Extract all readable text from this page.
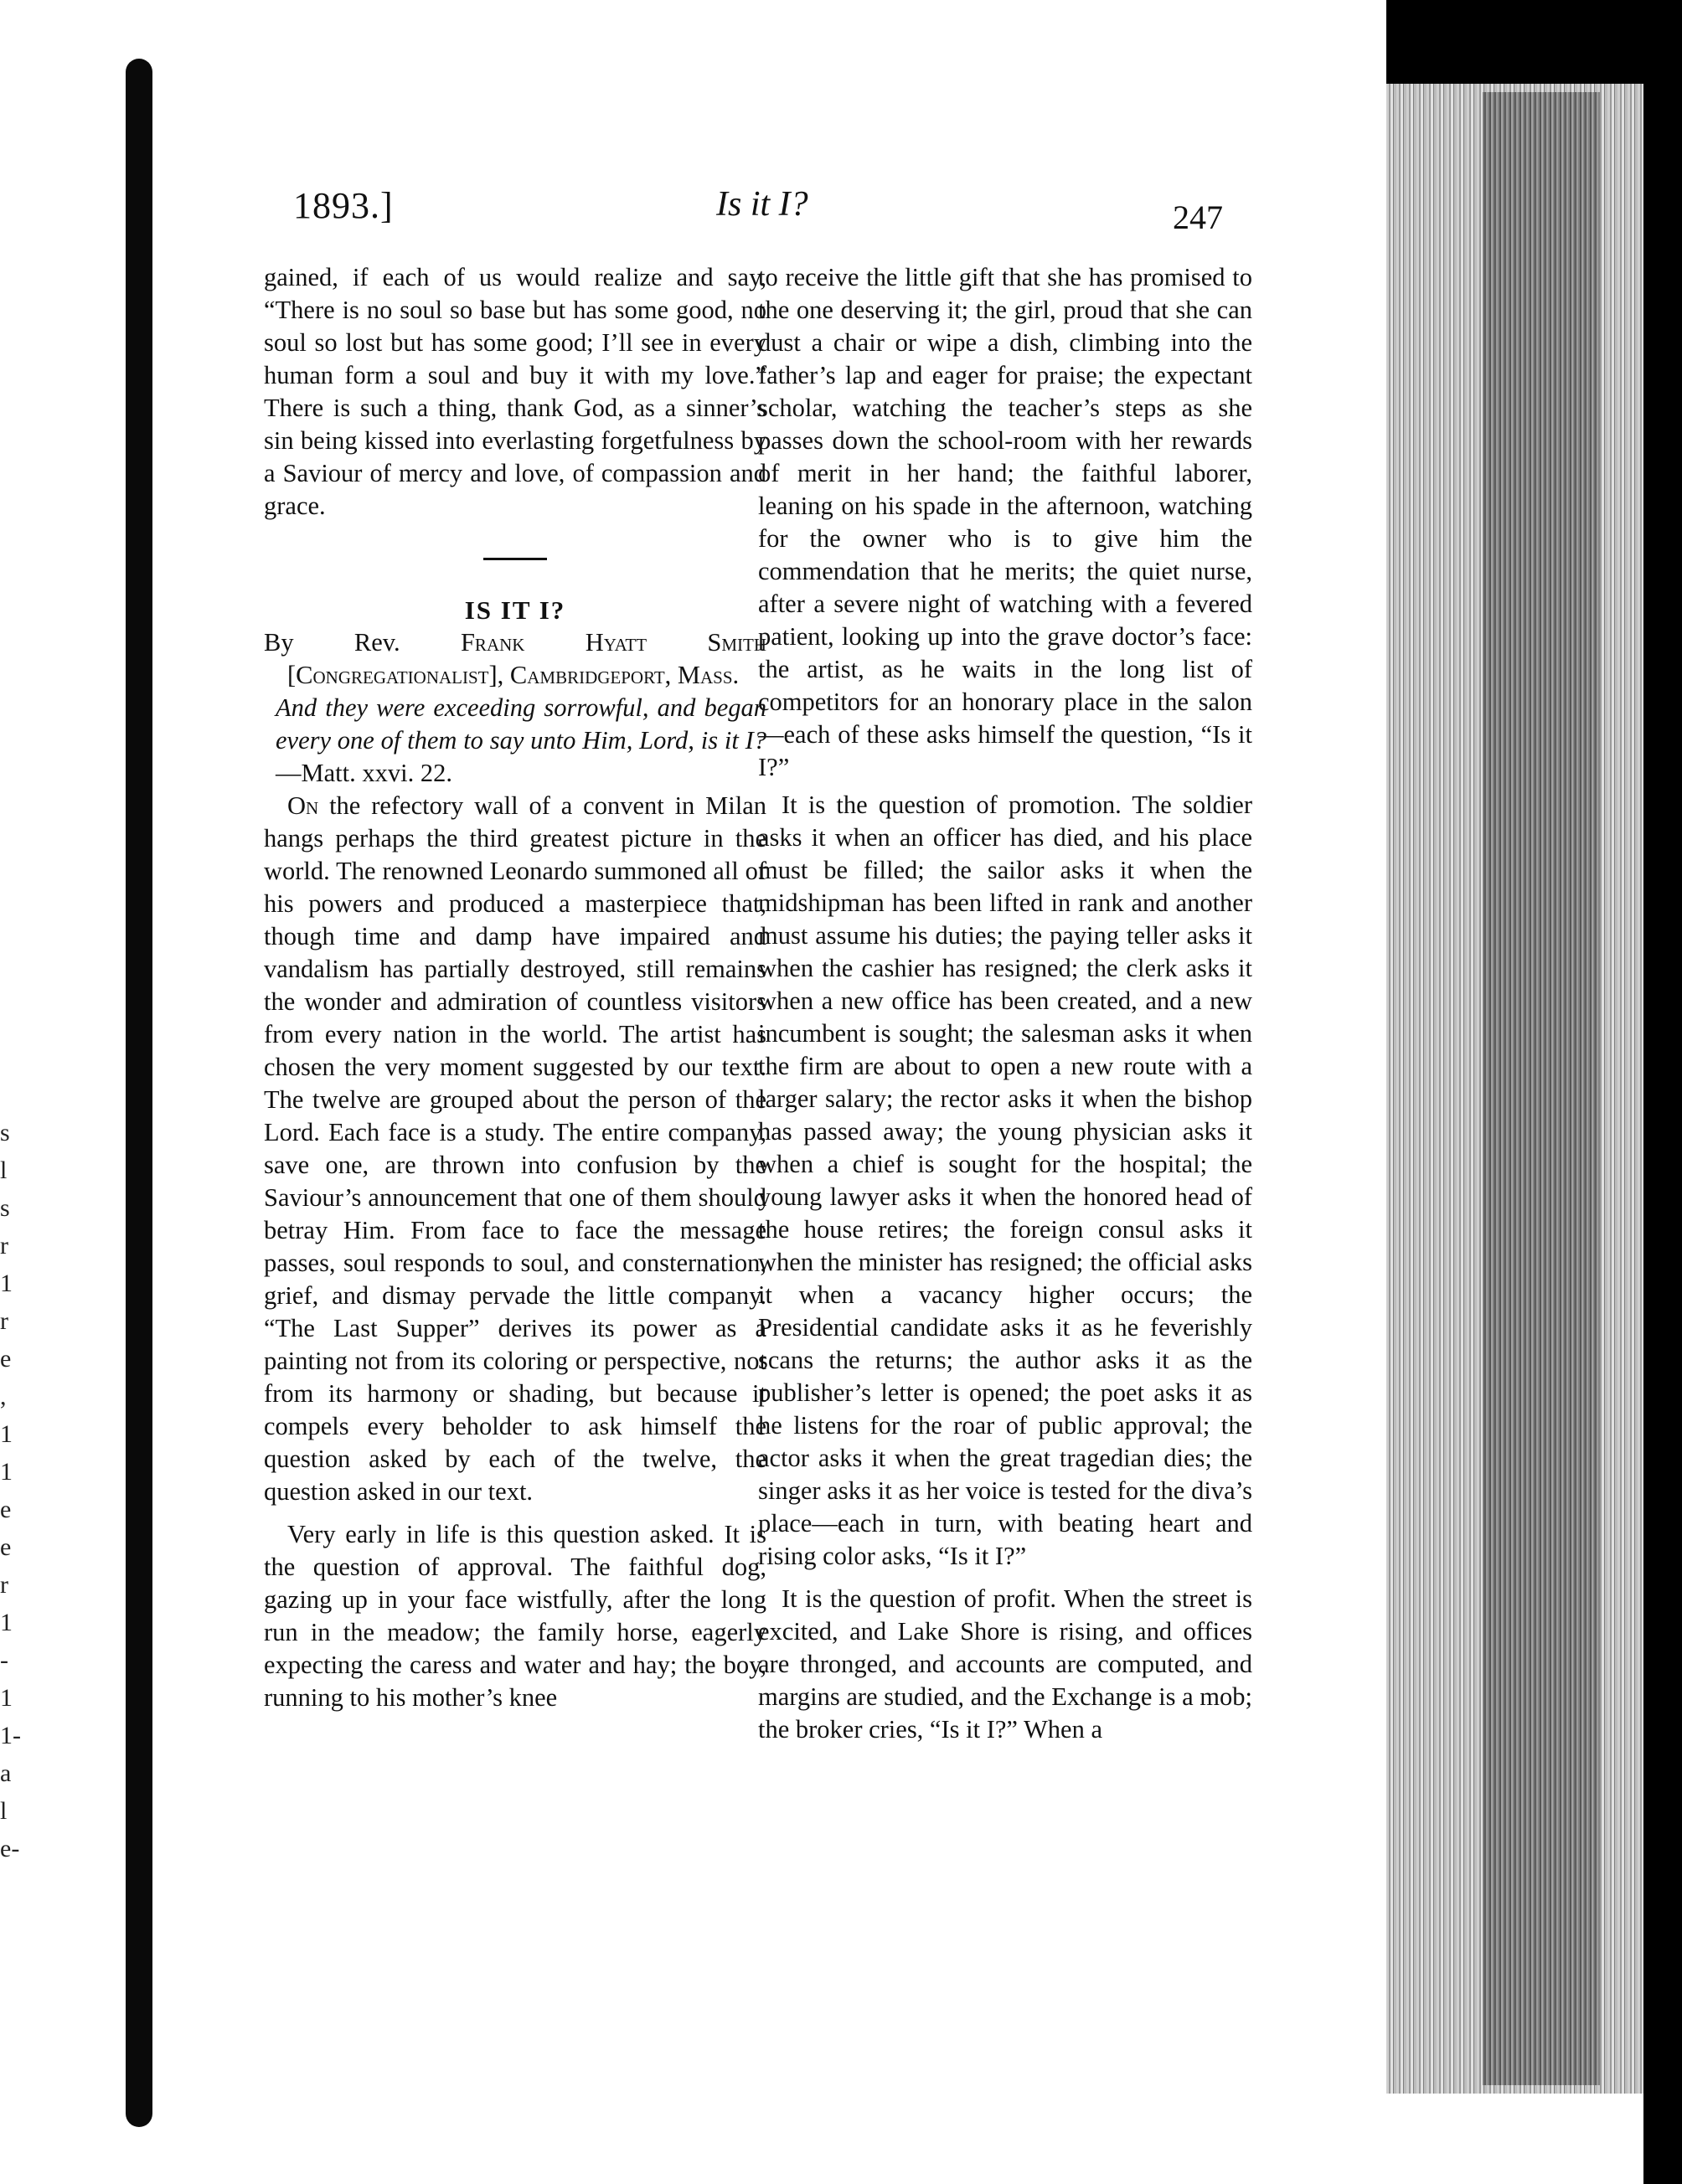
s
l
s
r
1
r
e
,
1
1
e
e
r
1
-
1
1-
a
l
e-
1893.]	Is it I?	247

gained, if each of us would realize and say, “There is no soul so base but has some good, no soul so lost but has some good; I’ll see in every human form a soul and buy it with my love.” There is such a thing, thank God, as a sinner’s sin being kissed into everlasting forgetfulness by a Saviour of mercy and love, of compassion and grace.

IS IT I?

By Rev. Frank Hyatt Smith [Congregationalist], Cambridgeport, Mass.

And they were exceeding sorrowful, and began every one of them to say unto Him, Lord, is it I?—Matt. xxvi. 22.

On the refectory wall of a convent in Milan hangs perhaps the third greatest picture in the world. The renowned Leonardo summoned all of his powers and produced a masterpiece that, though time and damp have impaired and vandalism has partially destroyed, still remains the wonder and admiration of countless visitors from every nation in the world. The artist has chosen the very moment suggested by our text. The twelve are grouped about the person of the Lord. Each face is a study. The entire company, save one, are thrown into confusion by the Saviour’s announcement that one of them should betray Him. From face to face the message passes, soul responds to soul, and consternation, grief, and dismay pervade the little company. “The Last Supper” derives its power as a painting not from its coloring or perspective, not from its harmony or shading, but because it compels every beholder to ask himself the question asked by each of the twelve, the question asked in our text.

Very early in life is this question asked. It is the question of approval. The faithful dog, gazing up in your face wistfully, after the long run in the meadow; the family horse, eagerly expecting the caress and water and hay; the boy, running to his mother’s knee

to receive the little gift that she has promised to the one deserving it; the girl, proud that she can dust a chair or wipe a dish, climbing into the father’s lap and eager for praise; the expectant scholar, watching the teacher’s steps as she passes down the school-room with her rewards of merit in her hand; the faithful laborer, leaning on his spade in the afternoon, watching for the owner who is to give him the commendation that he merits; the quiet nurse, after a severe night of watching with a fevered patient, looking up into the grave doctor’s face: the artist, as he waits in the long list of competitors for an honorary place in the salon—each of these asks himself the question, “Is it I?”

It is the question of promotion. The soldier asks it when an officer has died, and his place must be filled; the sailor asks it when the midshipman has been lifted in rank and another must assume his duties; the paying teller asks it when the cashier has resigned; the clerk asks it when a new office has been created, and a new incumbent is sought; the salesman asks it when the firm are about to open a new route with a larger salary; the rector asks it when the bishop has passed away; the young physician asks it when a chief is sought for the hospital; the young lawyer asks it when the honored head of the house retires; the foreign consul asks it when the minister has resigned; the official asks it when a vacancy higher occurs; the Presidential candidate asks it as he feverishly scans the returns; the author asks it as the publisher’s letter is opened; the poet asks it as he listens for the roar of public approval; the actor asks it when the great tragedian dies; the singer asks it as her voice is tested for the diva’s place—each in turn, with beating heart and rising color asks, “Is it I?”

It is the question of profit. When the street is excited, and Lake Shore is rising, and offices are thronged, and accounts are computed, and margins are studied, and the Exchange is a mob; the broker cries, “Is it I?” When a
